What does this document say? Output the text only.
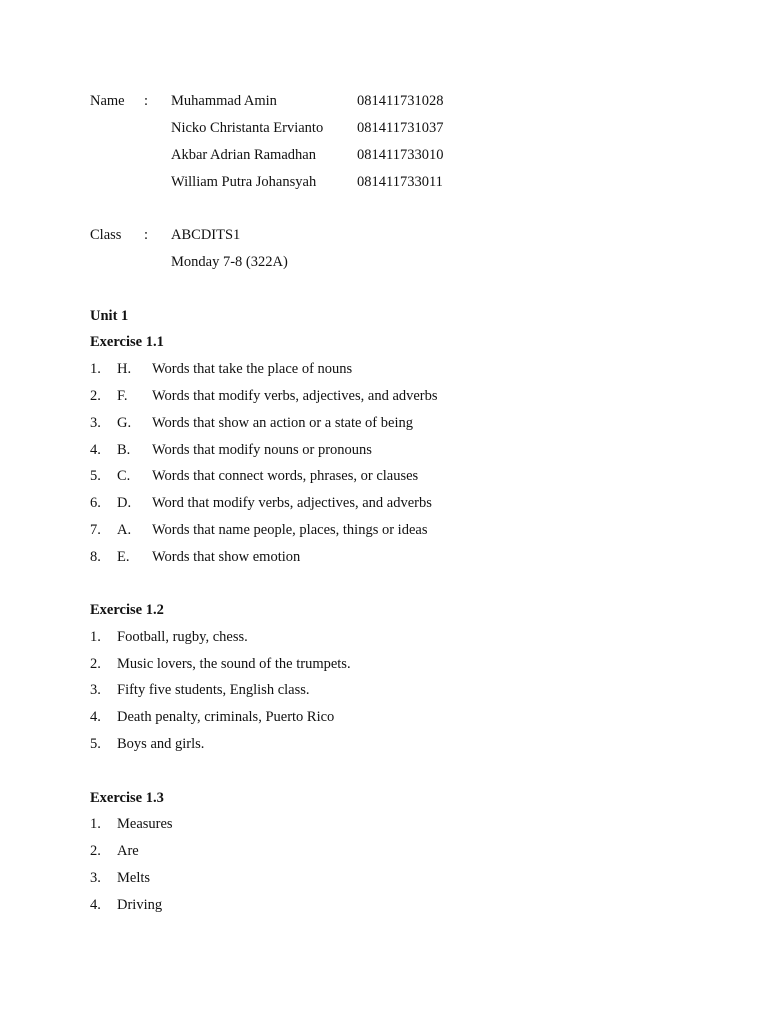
Name : Muhammad Amin	081411731028
Nicko Christanta Ervianto 081411731037
Akbar Adrian Ramadhan	081411733010
William Putra Johansyah	081411733011
Class : ABCDITS1
Monday 7-8 (322A)
Unit 1
Exercise 1.1
1. H. Words that take the place of nouns
2. F. Words that modify verbs, adjectives, and adverbs
3. G. Words that show an action or a state of being
4. B. Words that modify nouns or pronouns
5. C. Words that connect words, phrases, or clauses
6. D. Word that modify verbs, adjectives, and adverbs
7. A. Words that name people, places, things or ideas
8. E. Words that show emotion
Exercise 1.2
1. Football, rugby, chess.
2. Music lovers, the sound of the trumpets.
3. Fifty five students, English class.
4. Death penalty, criminals, Puerto Rico
5. Boys and girls.
Exercise 1.3
1. Measures
2. Are
3. Melts
4. Driving
